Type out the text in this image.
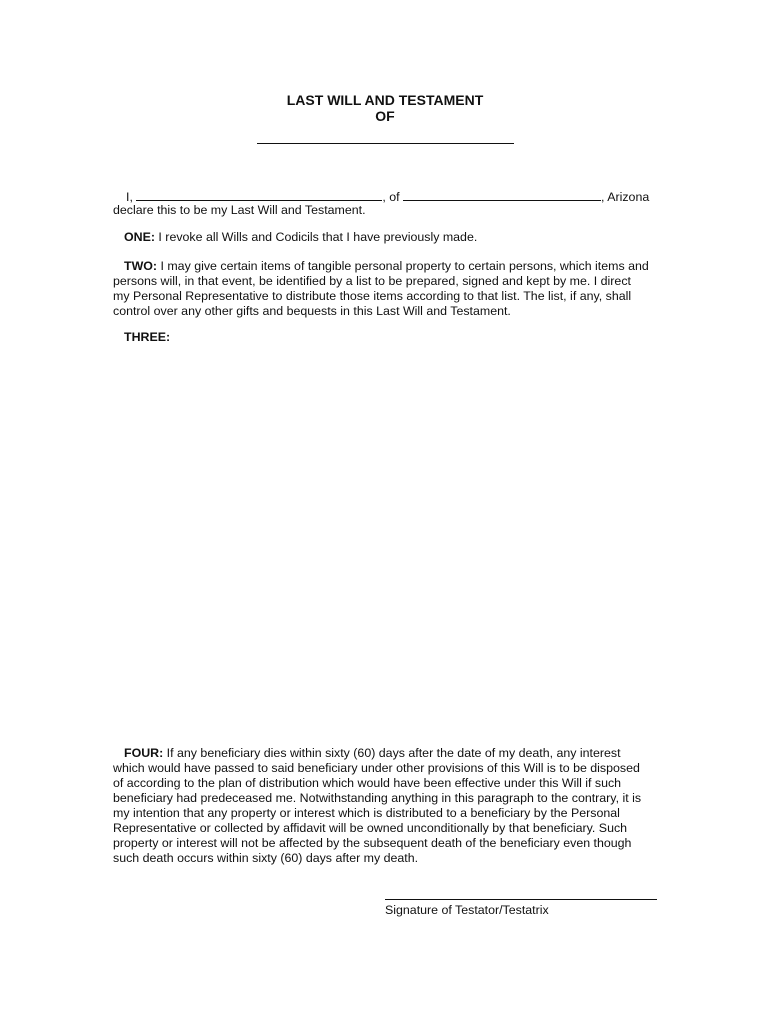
LAST WILL AND TESTAMENT
OF
I,	, of	, Arizona
declare this to be my Last Will and Testament.
ONE: I revoke all Wills and Codicils that I have previously made.
TWO: I may give certain items of tangible personal property to certain persons, which items and
persons will, in that event, be identified by a list to be prepared, signed and kept by me. I direct
my Personal Representative to distribute those items according to that list. The list, if any, shall
control over any other gifts and bequests in this Last Will and Testament.
THREE:
FOUR: If any beneficiary dies within sixty (60) days after the date of my death, any interest
which would have passed to said beneficiary under other provisions of this Will is to be disposed
of according to the plan of distribution which would have been effective under this Will if such
beneficiary had predeceased me. Notwithstanding anything in this paragraph to the contrary, it is
my intention that any property or interest which is distributed to a beneficiary by the Personal
Representative or collected by affidavit will be owned unconditionally by that beneficiary. Such
property or interest will not be affected by the subsequent death of the beneficiary even though
such death occurs within sixty (60) days after my death.
Signature of Testator/Testatrix
